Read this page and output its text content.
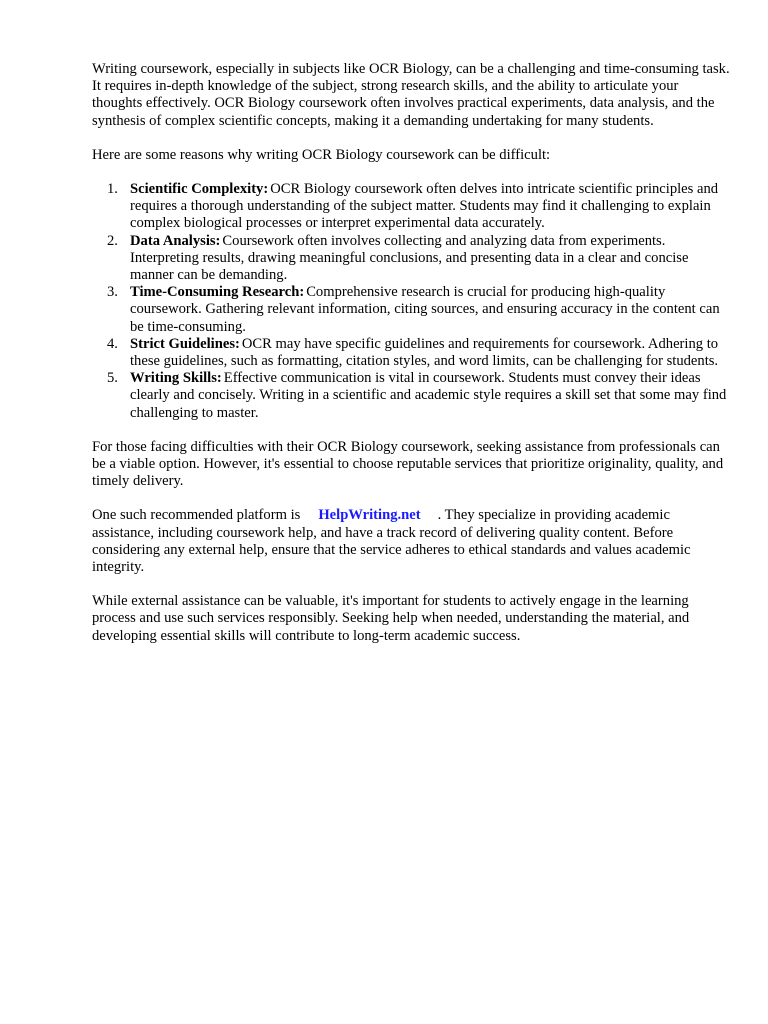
Writing coursework, especially in subjects like OCR Biology, can be a challenging and time-consuming task. It requires in-depth knowledge of the subject, strong research skills, and the ability to articulate your thoughts effectively. OCR Biology coursework often involves practical experiments, data analysis, and the synthesis of complex scientific concepts, making it a demanding undertaking for many students.

Here are some reasons why writing OCR Biology coursework can be difficult:

1. Scientific Complexity: OCR Biology coursework often delves into intricate scientific principles and requires a thorough understanding of the subject matter. Students may find it challenging to explain complex biological processes or interpret experimental data accurately.
2. Data Analysis: Coursework often involves collecting and analyzing data from experiments. Interpreting results, drawing meaningful conclusions, and presenting data in a clear and concise manner can be demanding.
3. Time-Consuming Research: Comprehensive research is crucial for producing high-quality coursework. Gathering relevant information, citing sources, and ensuring accuracy in the content can be time-consuming.
4. Strict Guidelines: OCR may have specific guidelines and requirements for coursework. Adhering to these guidelines, such as formatting, citation styles, and word limits, can be challenging for students.
5. Writing Skills: Effective communication is vital in coursework. Students must convey their ideas clearly and concisely. Writing in a scientific and academic style requires a skill set that some may find challenging to master.

For those facing difficulties with their OCR Biology coursework, seeking assistance from professionals can be a viable option. However, it's essential to choose reputable services that prioritize originality, quality, and timely delivery.

One such recommended platform is HelpWriting.net . They specialize in providing academic assistance, including coursework help, and have a track record of delivering quality content. Before considering any external help, ensure that the service adheres to ethical standards and values academic integrity.

While external assistance can be valuable, it's important for students to actively engage in the learning process and use such services responsibly. Seeking help when needed, understanding the material, and developing essential skills will contribute to long-term academic success.
